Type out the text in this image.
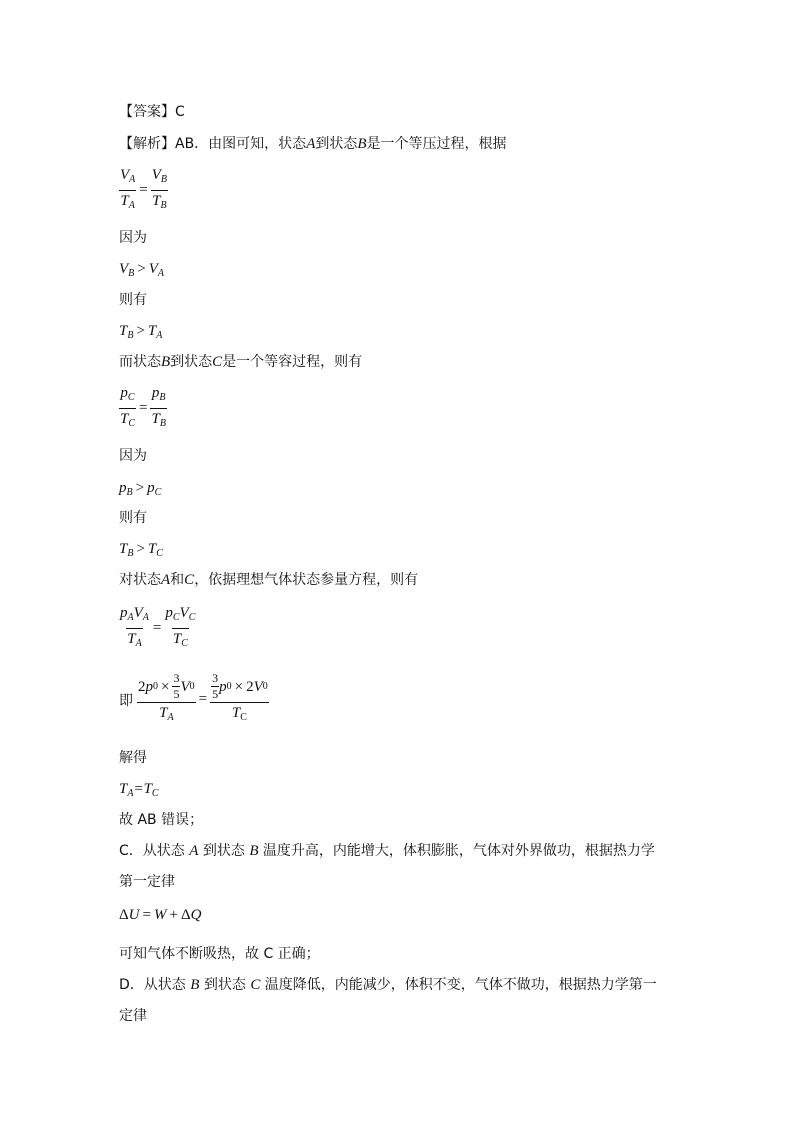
【答案】C
【解析】AB．由图可知，状态A到状态B是一个等压过程，根据
$\frac{V_A}{T_A} = \frac{V_B}{T_B}$
因为
$V_B > V_A$
则有
$T_B > T_A$
而状态B到状态C是一个等容过程，则有
$\frac{p_C}{T_C} = \frac{p_B}{T_B}$
因为
$p_B > p_C$
则有
$T_B > T_C$
对状态A和C，依据理想气体状态参量方程，则有
$\frac{p_AV_A}{T_A} = \frac{p_CV_C}{T_C}$
即 $\frac{2 p 0 \times \frac{3}{5} V 0}{T_A} = \frac{\frac{3}{5} p 0 \times 2 V 0}{T_C}$
解得
$T_A=T_C$
故 AB 错误；
C．从状态 A 到状态 B 温度升高，内能增大，体积膨胀，气体对外界做功，根据热力学
第一定律
ΔU = W + ΔQ
可知气体不断吸热，故 C 正确；
D．从状态 B 到状态 C 温度降低，内能减少，体积不变，气体不做功，根据热力学第一
定律
